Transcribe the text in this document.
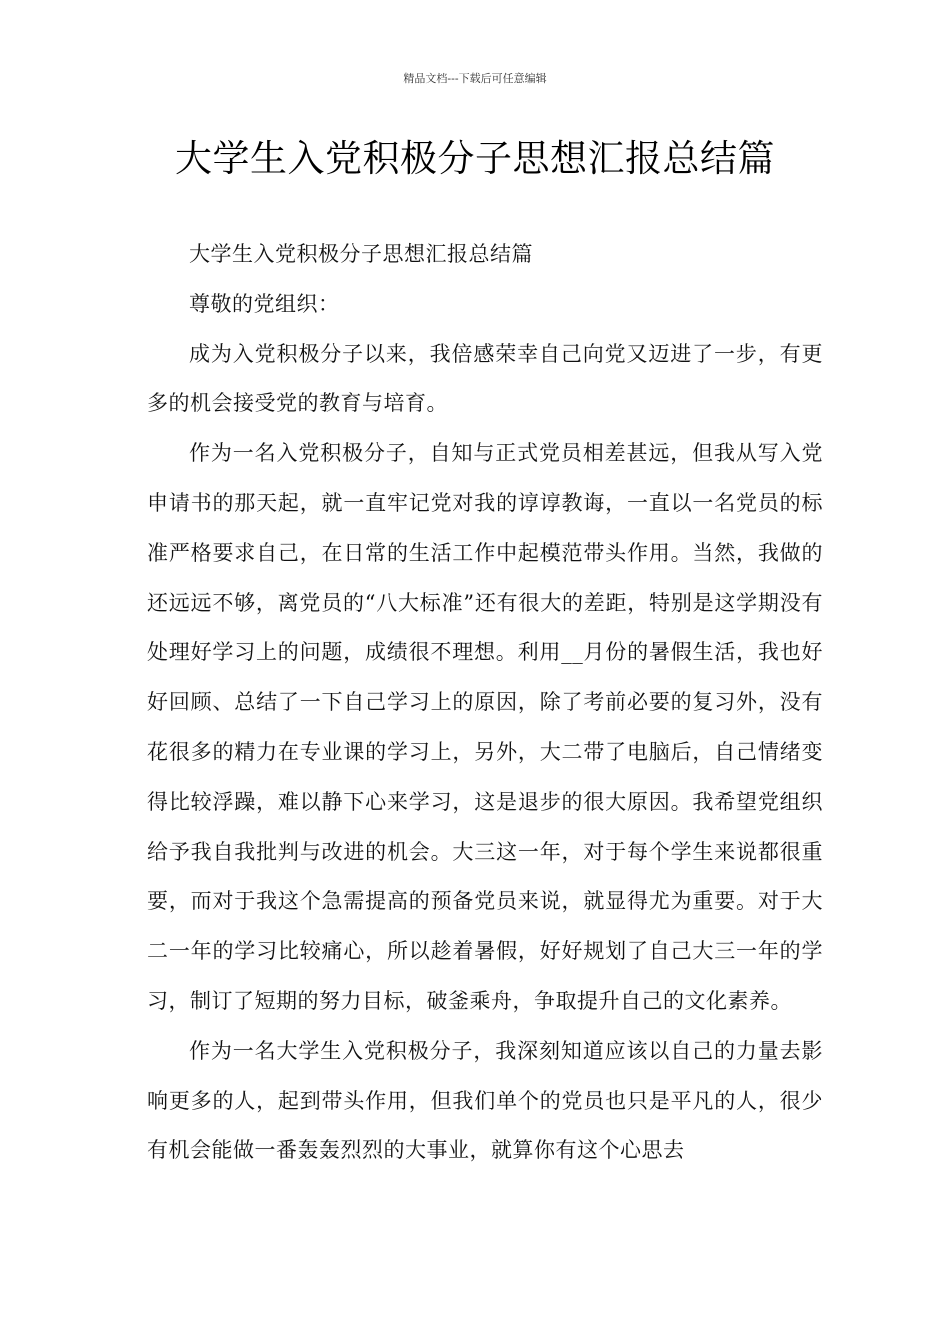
精品文档---下载后可任意编辑
大学生入党积极分子思想汇报总结篇

大学生入党积极分子思想汇报总结篇

尊敬的党组织：

成为入党积极分子以来，我倍感荣幸自己向党又迈进了一步，有更多的机会接受党的教育与培育。

作为一名入党积极分子，自知与正式党员相差甚远，但我从写入党申请书的那天起，就一直牢记党对我的谆谆教诲，一直以一名党员的标准严格要求自己，在日常的生活工作中起模范带头作用。当然，我做的还远远不够，离党员的“八大标准”还有很大的差距，特别是这学期没有处理好学习上的问题，成绩很不理想。利用__月份的暑假生活，我也好好回顾、总结了一下自己学习上的原因，除了考前必要的复习外，没有花很多的精力在专业课的学习上，另外，大二带了电脑后，自己情绪变得比较浮躁，难以静下心来学习，这是退步的很大原因。我希望党组织给予我自我批判与改进的机会。大三这一年，对于每个学生来说都很重要，而对于我这个急需提高的预备党员来说，就显得尤为重要。对于大二一年的学习比较痛心，所以趁着暑假，好好规划了自己大三一年的学习，制订了短期的努力目标，破釜乘舟，争取提升自己的文化素养。

作为一名大学生入党积极分子，我深刻知道应该以自己的力量去影响更多的人，起到带头作用，但我们单个的党员也只是平凡的人，很少有机会能做一番轰轰烈烈的大事业，就算你有这个心思去
